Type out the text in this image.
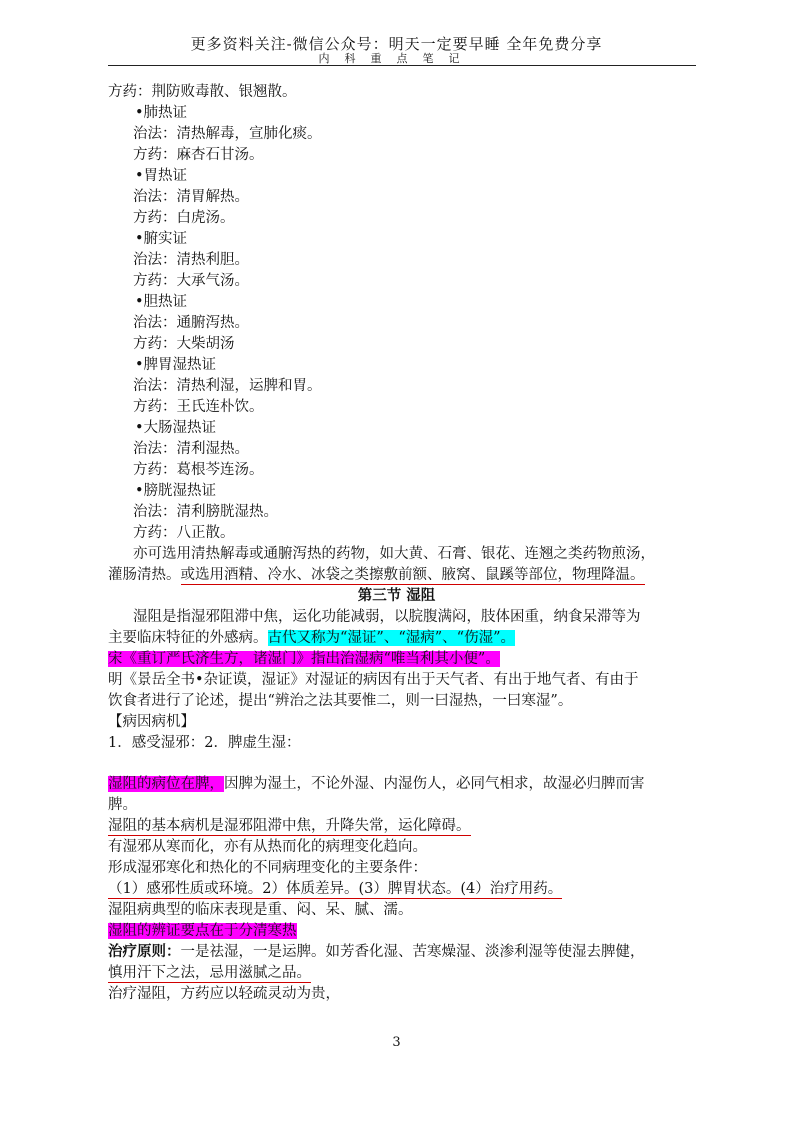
更多资料关注-微信公众号：明天一定要早睡 全年免费分享
内科重点笔记
方药：荆防败毒散、银翘散。
•肺热证
治法：清热解毒，宣肺化痰。
方药：麻杏石甘汤。
•胃热证
治法：清胃解热。
方药：白虎汤。
•腑实证
治法：清热利胆。
方药：大承气汤。
•胆热证
治法：通腑泻热。
方药：大柴胡汤
•脾胃湿热证
治法：清热利湿，运脾和胃。
方药：王氏连朴饮。
•大肠湿热证
治法：清利湿热。
方药：葛根芩连汤。
•膀胱湿热证
治法：清利膀胱湿热。
方药：八正散。
亦可选用清热解毒或通腑泻热的药物，如大黄、石膏、银花、连翘之类药物煎汤，
灌肠清热。或选用酒精、冷水、冰袋之类擦敷前额、腋窝、鼠蹊等部位，物理降温。
第三节 湿阻
湿阻是指湿邪阻滞中焦，运化功能减弱，以脘腹满闷，肢体困重，纳食呆滞等为
主要临床特征的外感病。古代又称为“湿证”、“湿病”、“伤湿”。
宋《重订严氏济生方，诸湿门》指出治湿病“唯当利其小便”。
明《景岳全书•杂证谟，湿证》对湿证的病因有出于天气者、有出于地气者、有由于
饮食者进行了论述，提出“辨治之法其要惟二，则一曰湿热，一曰寒湿”。
【病因病机】
1．感受湿邪：2．脾虚生湿：
湿阻的病位在脾，因脾为湿土，不论外湿、内湿伤人，必同气相求，故湿必归脾而害
脾。
湿阻的基本病机是湿邪阻滞中焦，升降失常，运化障碍。
有湿邪从寒而化，亦有从热而化的病理变化趋向。
形成湿邪寒化和热化的不同病理变化的主要条件：
（1）感邪性质或环境。2）体质差异。(3）脾胃状态。(4）治疗用药。
湿阻病典型的临床表现是重、闷、呆、腻、濡。
湿阻的辨证要点在于分清寒热
治疗原则：一是祛湿，一是运脾。如芳香化湿、苦寒燥湿、淡渗利湿等使湿去脾健，
慎用汗下之法，忌用滋腻之品。
治疗湿阻，方药应以轻疏灵动为贵，
3
